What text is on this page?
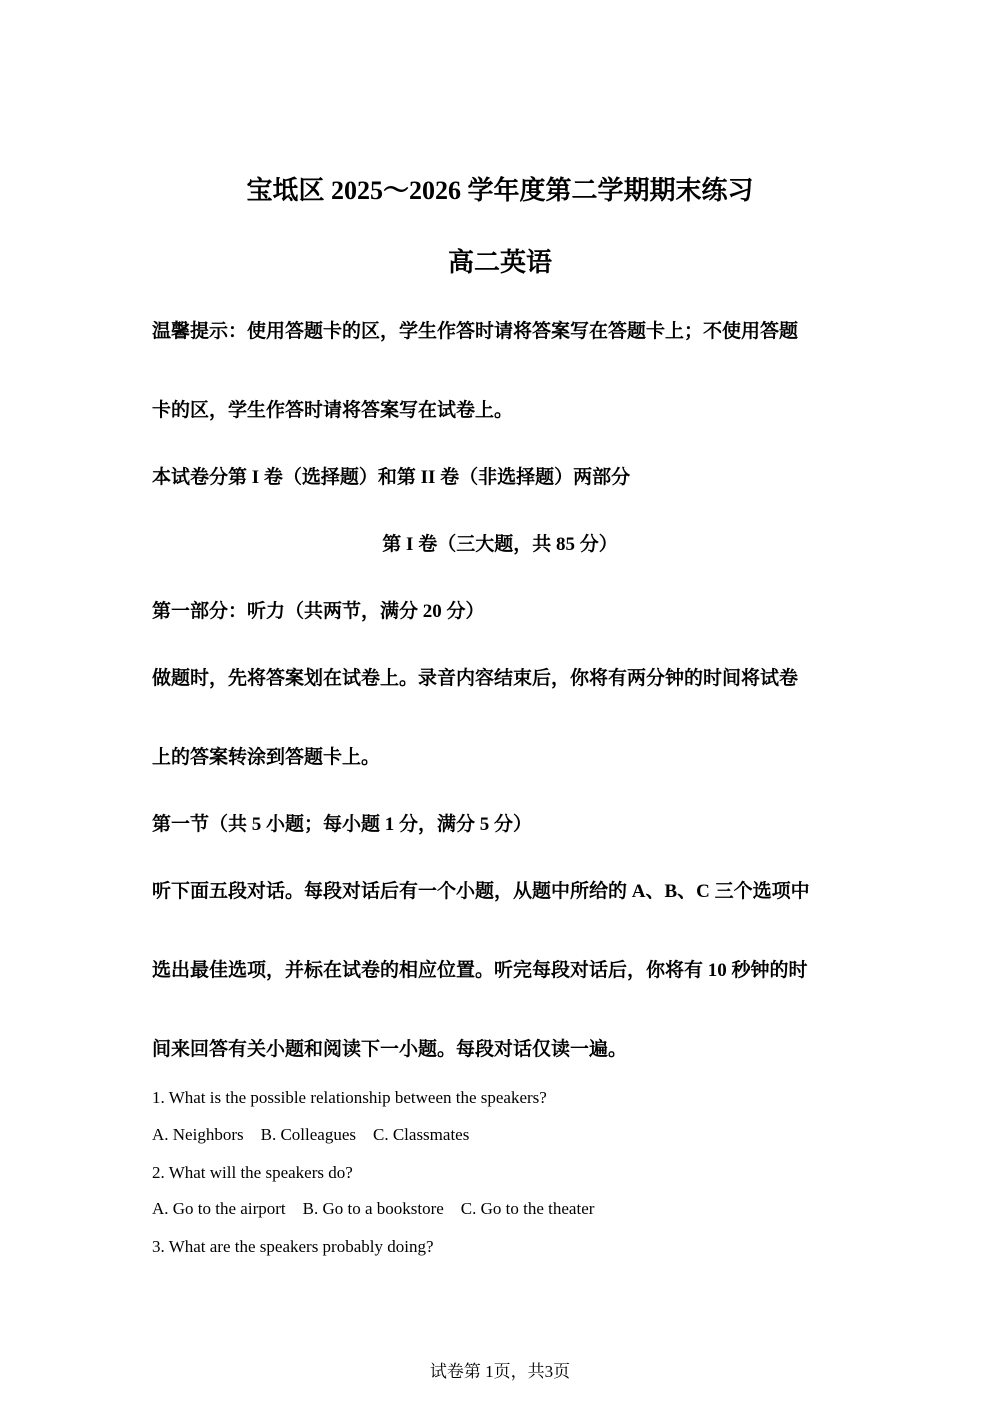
宝坻区 2025～2026 学年度第二学期期末练习
高二英语
温馨提示：使用答题卡的区，学生作答时请将答案写在答题卡上；不使用答题
卡的区，学生作答时请将答案写在试卷上。
本试卷分第 I 卷（选择题）和第 II 卷（非选择题）两部分
第 I 卷（三大题，共 85 分）
第一部分：听力（共两节，满分 20 分）
做题时，先将答案划在试卷上。录音内容结束后，你将有两分钟的时间将试卷
上的答案转涂到答题卡上。
第一节（共 5 小题；每小题 1 分，满分 5 分）
听下面五段对话。每段对话后有一个小题，从题中所给的 A、B、C 三个选项中
选出最佳选项，并标在试卷的相应位置。听完每段对话后，你将有 10 秒钟的时
间来回答有关小题和阅读下一小题。每段对话仅读一遍。
1. What is the possible relationship between the speakers?
A. Neighbors B. Colleagues C. Classmates
2. What will the speakers do?
A. Go to the airport B. Go to a bookstore C. Go to the theater
3. What are the speakers probably doing?
试卷第 1页，共3页
